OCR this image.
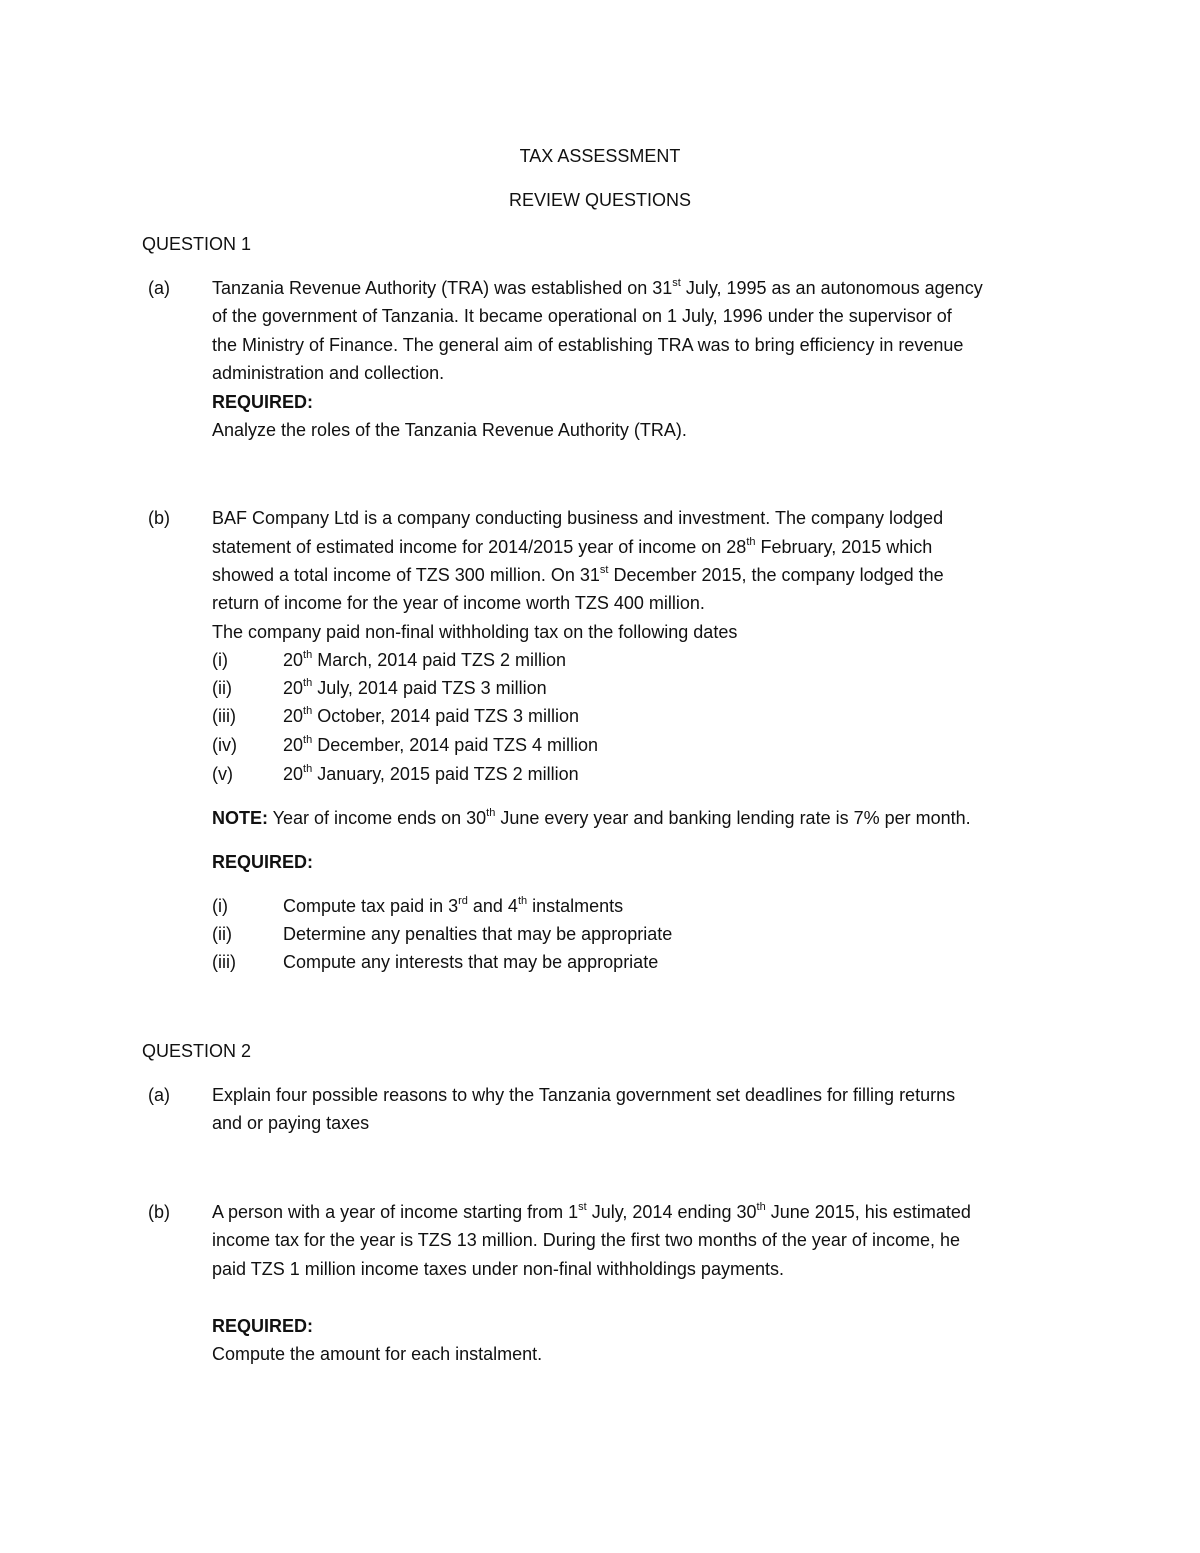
TAX ASSESSMENT
REVIEW QUESTIONS
QUESTION 1
(a) Tanzania Revenue Authority (TRA) was established on 31st July, 1995 as an autonomous agency
of the government of Tanzania. It became operational on 1 July, 1996 under the supervisor of
the Ministry of Finance. The general aim of establishing TRA was to bring efficiency in revenue
administration and collection.
REQUIRED:
Analyze the roles of the Tanzania Revenue Authority (TRA).
(b) BAF Company Ltd is a company conducting business and investment. The company lodged
statement of estimated income for 2014/2015 year of income on 28th February, 2015 which
showed a total income of TZS 300 million. On 31st December 2015, the company lodged the
return of income for the year of income worth TZS 400 million.
The company paid non-final withholding tax on the following dates
(i)	20th March, 2014 paid TZS 2 million
(ii)	20th July, 2014 paid TZS 3 million
(iii)	20th October, 2014 paid TZS 3 million
(iv)	20th December, 2014 paid TZS 4 million
(v)	20th January, 2015 paid TZS 2 million
NOTE: Year of income ends on 30th June every year and banking lending rate is 7% per month.
REQUIRED:
(i)	Compute tax paid in 3rd and 4th instalments
(ii)	Determine any penalties that may be appropriate
(iii)	Compute any interests that may be appropriate
QUESTION 2
(a) Explain four possible reasons to why the Tanzania government set deadlines for filling returns
and or paying taxes
(b) A person with a year of income starting from 1st July, 2014 ending 30th June 2015, his estimated
income tax for the year is TZS 13 million. During the first two months of the year of income, he
paid TZS 1 million income taxes under non-final withholdings payments.
REQUIRED:
Compute the amount for each instalment.
